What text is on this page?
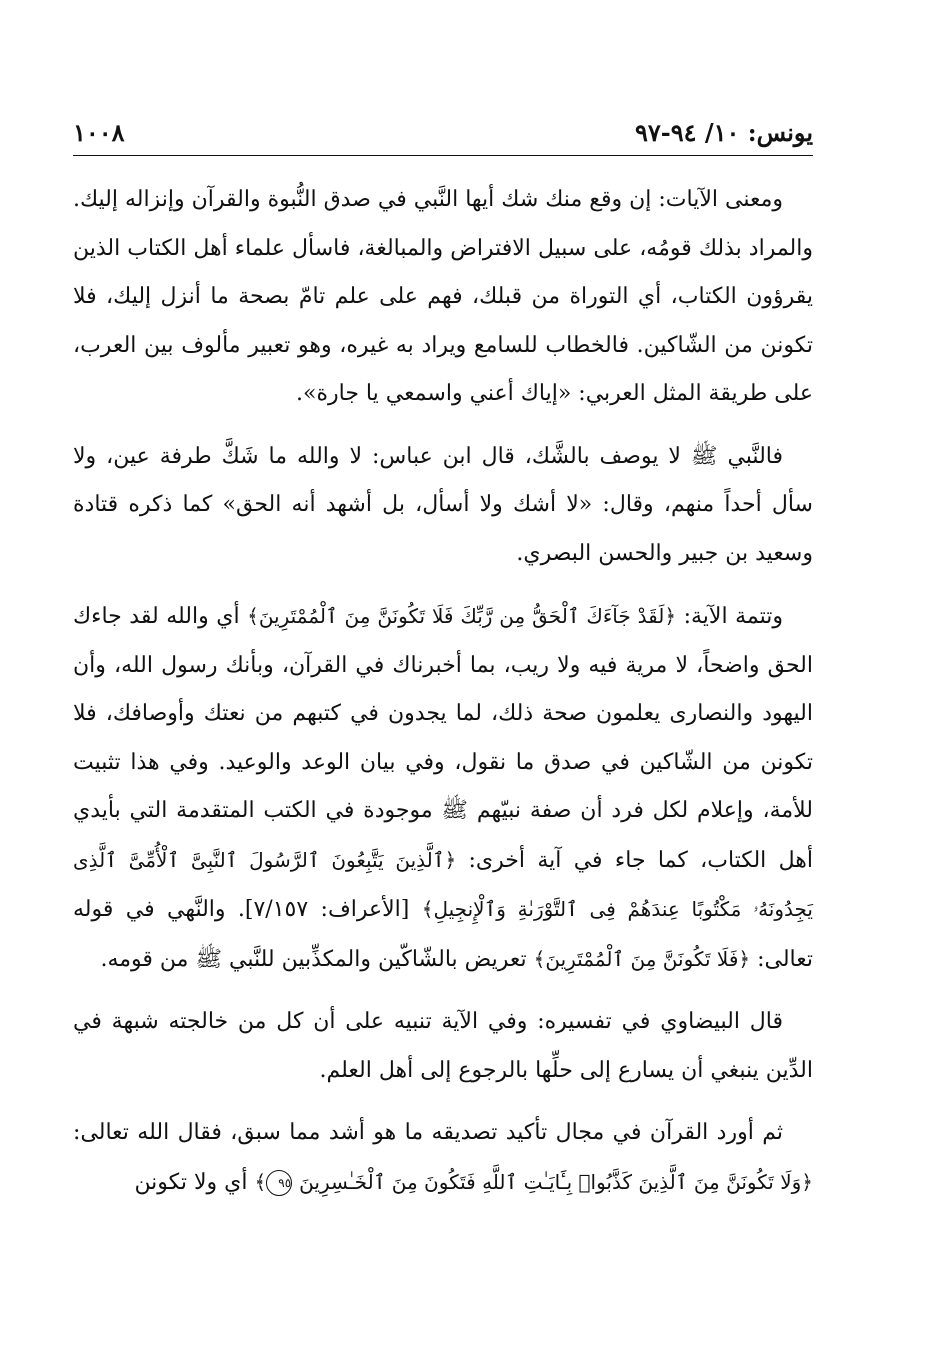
يونس: ١٠/ ٩٤-٩٧
١٠٠٨

ومعنى الآيات: إن وقع منك شك أيها النَّبي في صدق النُّبوة والقرآن وإنزاله إليك. والمراد بذلك قومُه، على سبيل الافتراض والمبالغة، فاسأل علماء أهل الكتاب الذين يقرؤون الكتاب، أي التوراة من قبلك، فهم على علم تامّ بصحة ما أنزل إليك، فلا تكونن من الشّاكين. فالخطاب للسامع ويراد به غيره، وهو تعبير مألوف بين العرب، على طريقة المثل العربي: «إياك أعني واسمعي يا جارة».

فالنَّبي ﷺ لا يوصف بالشَّك، قال ابن عباس: لا والله ما شَكَّ طرفة عين، ولا سأل أحداً منهم، وقال: «لا أشك ولا أسأل، بل أشهد أنه الحق» كما ذكره قتادة وسعيد بن جبير والحسن البصري.

وتتمة الآية: ﴿لَقَدْ جَآءَكَ ٱلْحَقُّ مِن رَّبِّكَ فَلَا تَكُونَنَّ مِنَ ٱلْمُمْتَرِينَ﴾ أي والله لقد جاءك الحق واضحاً، لا مرية فيه ولا ريب، بما أخبرناك في القرآن، وبأنك رسول الله، وأن اليهود والنصارى يعلمون صحة ذلك، لما يجدون في كتبهم من نعتك وأوصافك، فلا تكونن من الشّاكين في صدق ما نقول، وفي بيان الوعد والوعيد. وفي هذا تثبيت للأمة، وإعلام لكل فرد أن صفة نبيّهم ﷺ موجودة في الكتب المتقدمة التي بأيدي أهل الكتاب، كما جاء في آية أخرى: ﴿ٱلَّذِينَ يَتَّبِعُونَ ٱلرَّسُولَ ٱلنَّبِىَّ ٱلْأُمِّىَّ ٱلَّذِى يَجِدُونَهُۥ مَكْتُوبًا عِندَهُمْ فِى ٱلتَّوْرَىٰةِ وَٱلْإِنجِيلِ﴾ [الأعراف: ٧/١٥٧]. والنَّهي في قوله تعالى: ﴿فَلَا تَكُونَنَّ مِنَ ٱلْمُمْتَرِينَ﴾ تعريض بالشّاكّين والمكذِّبين للنَّبي ﷺ من قومه.

قال البيضاوي في تفسيره: وفي الآية تنبيه على أن كل من خالجته شبهة في الدِّين ينبغي أن يسارع إلى حلِّها بالرجوع إلى أهل العلم.

ثم أورد القرآن في مجال تأكيد تصديقه ما هو أشد مما سبق، فقال الله تعالى: ﴿وَلَا تَكُونَنَّ مِنَ ٱلَّذِينَ كَذَّبُوا۟ بِـَٔايَـٰتِ ٱللَّهِ فَتَكُونَ مِنَ ٱلْخَـٰسِرِينَ ٩٥﴾ أي ولا تكونن
